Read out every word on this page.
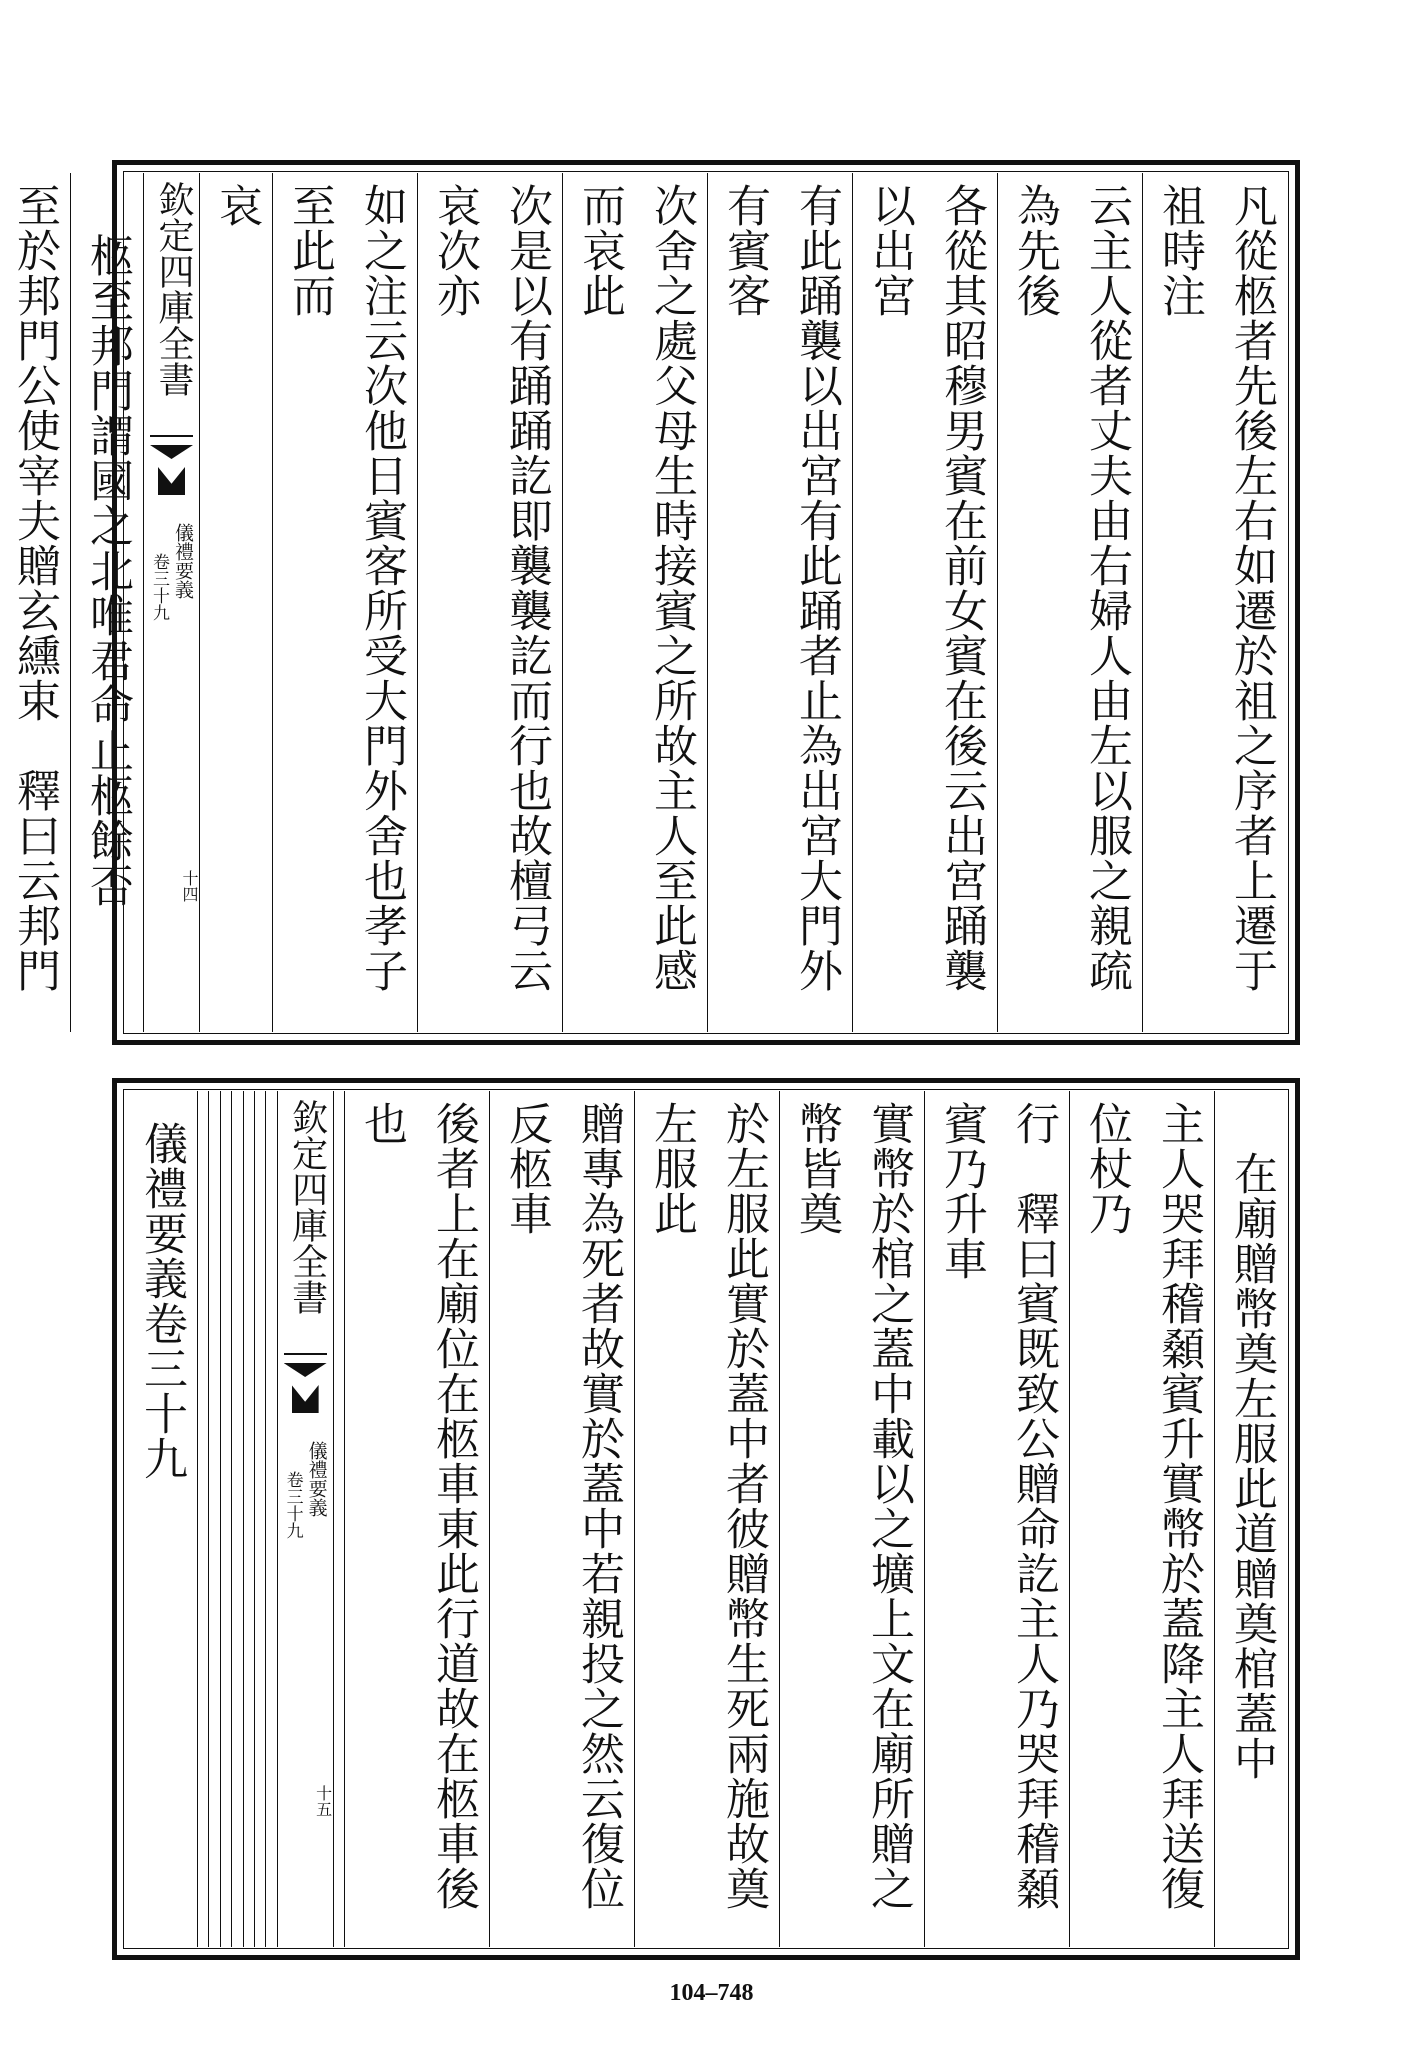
凡從柩者先後左右如遷於祖之序者上遷于祖時注
云主人從者丈夫由右婦人由左以服之親疏為先後
各從其昭穆男賓在前女賓在後云出宮踊襲以出宮
有此踊襲以出宮有此踊者止為出宮大門外有賓客
次舍之處父母生時接賓之所故主人至此感而哀此
次是以有踊踊訖即襲襲訖而行也故檀弓云哀次亦
如之注云次他日賓客所受大門外舍也孝子至此而
哀
欽定四庫全書
儀禮要義
卷三十九
十四
柩至邦門謂國之北唯君命止柩餘否
至於邦門公使宰夫贈玄纁束　釋曰云邦門
在廟贈幣奠左服此道贈奠棺蓋中
主人哭拜稽顙賓升實幣於蓋降主人拜送復位杖乃
行　釋曰賓既致公贈命訖主人乃哭拜稽顙賓乃升車
實幣於棺之蓋中載以之壙上文在廟所贈之幣皆奠
於左服此實於蓋中者彼贈幣生死兩施故奠左服此
贈專為死者故實於蓋中若親投之然云復位反柩車
後者上在廟位在柩車東此行道故在柩車後也
欽定四庫全書
儀禮要義
卷三十九
十五
儀禮要義卷三十九
104–748
